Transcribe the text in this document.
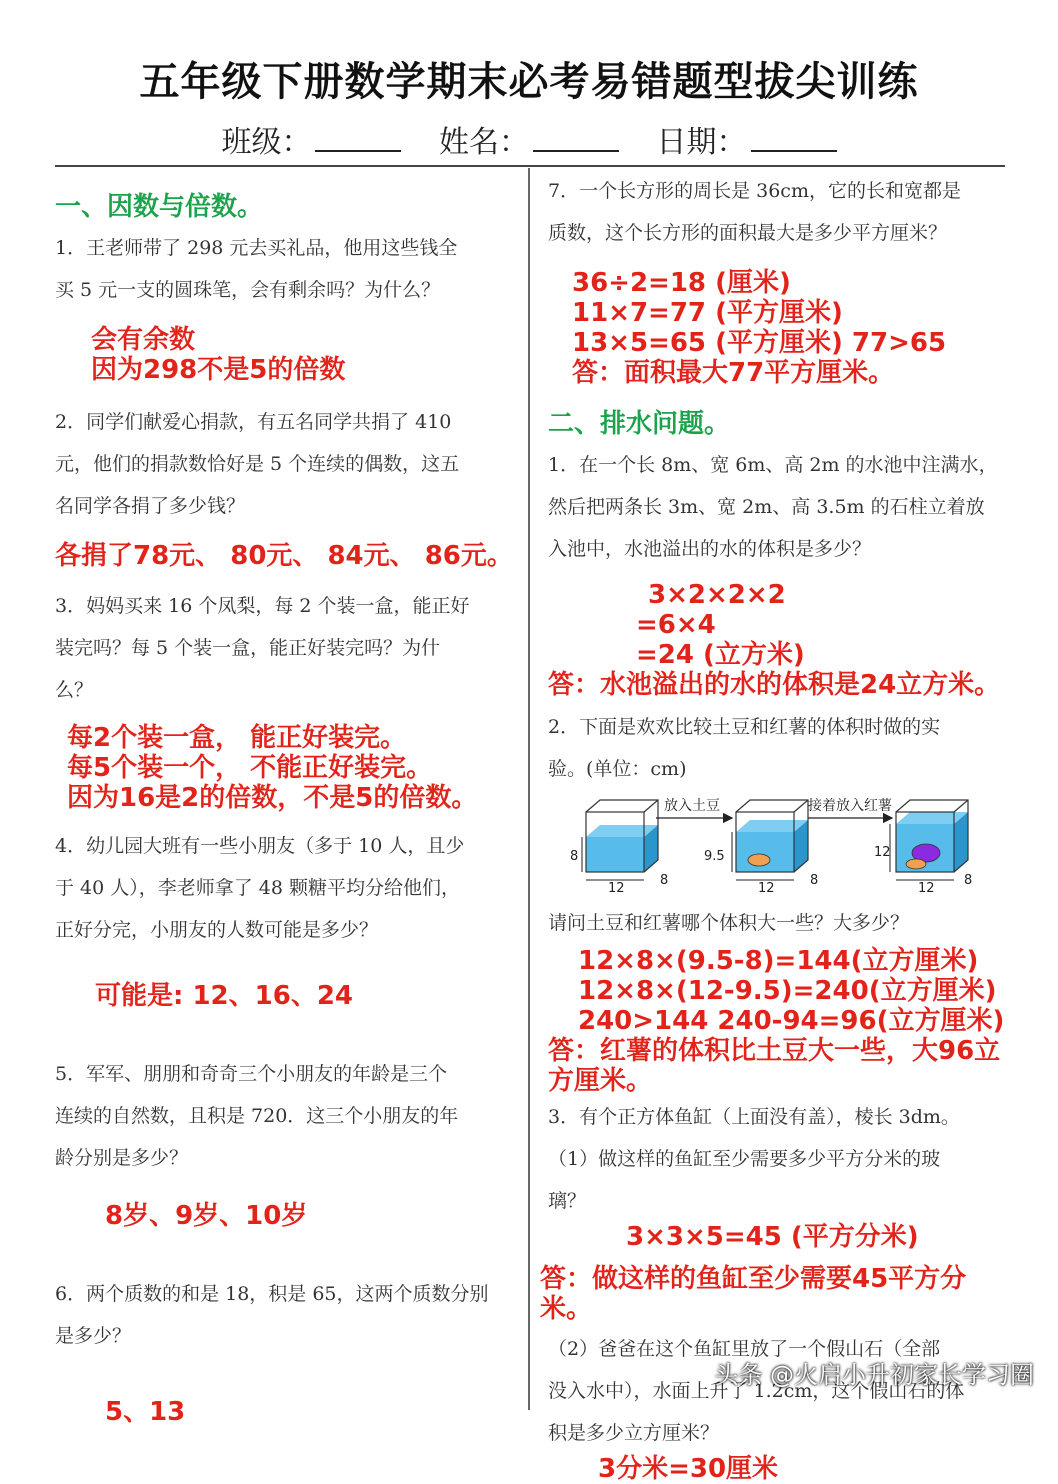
五年级下册数学期末必考易错题型拔尖训练
班级：	姓名：	日期：

一、因数与倍数。

1．王老师带了 298 元去买礼品，他用这些钱全

买 5 元一支的圆珠笔，会有剩余吗？为什么？

会有余数

因为298不是5的倍数

2．同学们献爱心捐款，有五名同学共捐了 410

元，他们的捐款数恰好是 5 个连续的偶数，这五

名同学各捐了多少钱？

各捐了78元、 80元、 84元、 86元。

3．妈妈买来 16 个凤梨，每 2 个装一盒，能正好

装完吗？每 5 个装一盒，能正好装完吗？为什

么？

每2个装一盒， 能正好装完。

每5个装一个， 不能正好装完。

因为16是2的倍数，不是5的倍数。

4．幼儿园大班有一些小朋友（多于 10 人，且少

于 40 人），李老师拿了 48 颗糖平均分给他们，

正好分完，小朋友的人数可能是多少？

可能是: 12、16、24

5．军军、朋朋和奇奇三个小朋友的年龄是三个

连续的自然数，且积是 720．这三个小朋友的年

龄分别是多少？

8岁、9岁、10岁

6．两个质数的和是 18，积是 65，这两个质数分别

是多少？

5、13

7．一个长方形的周长是 36cm，它的长和宽都是

质数，这个长方形的面积最大是多少平方厘米？

36÷2=18 (厘米)

11×7=77 (平方厘米)

13×5=65 (平方厘米) 77>65

答：面积最大77平方厘米。

二、排水问题。

1．在一个长 8m、宽 6m、高 2m 的水池中注满水，

然后把两条长 3m、宽 2m、高 3.5m 的石柱立着放

入池中，水池溢出的水的体积是多少？

3×2×2×2

=6×4

=24 (立方米)

答：水池溢出的水的体积是24立方米。

2．下面是欢欢比较土豆和红薯的体积时做的实

验。(单位：cm)

放入土豆	接着放入红薯
8	9.5	12
12	12	12
8	8	8

请问土豆和红薯哪个体积大一些？大多少？

12×8×(9.5-8)=144(立方厘米)

12×8×(12-9.5)=240(立方厘米)

240>144 240-94=96(立方厘米)

答：红薯的体积比土豆大一些，大96立

方厘米。

3．有个正方体鱼缸（上面没有盖），棱长 3dm。

（1）做这样的鱼缸至少需要多少平方分米的玻

璃？

3×3×5=45 (平方分米)

答：做这样的鱼缸至少需要45平方分米。

（2）爸爸在这个鱼缸里放了一个假山石（全部

没入水中），水面上升了 1.2cm，这个假山石的体

积是多少立方厘米？

3分米=30厘米

头条 @火启小升初家长学习圈
